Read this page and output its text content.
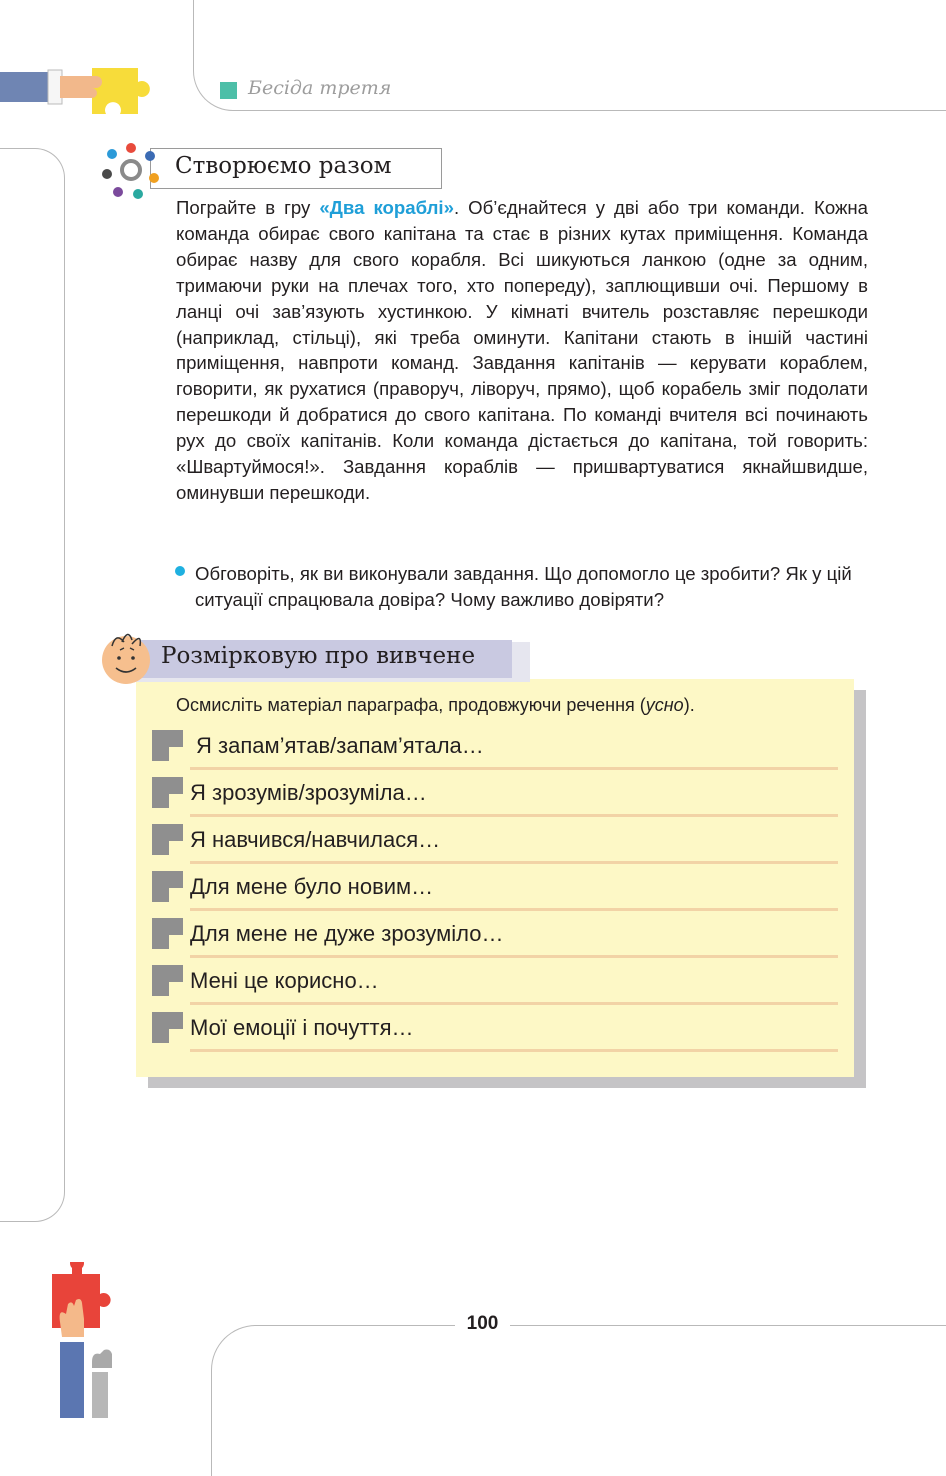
Бесіда третя
Створюємо разом
Пограйте в гру «Два кораблі». Об’єднайтеся у дві або три команди. Кожна команда обирає свого капітана та стає в різних кутах приміщення. Команда обирає назву для свого корабля. Всі шикуються ланкою (одне за одним, тримаючи руки на плечах того, хто попереду), заплющивши очі. Першому в ланці очі зав’язують хустинкою. У кімнаті вчитель розставляє перешкоди (наприклад, стільці), які треба оминути. Капітани стають в іншій частині приміщення, навпроти команд. Завдання капітанів — керувати кораблем, говорити, як рухатися (праворуч, ліворуч, прямо), щоб корабель зміг подолати перешкоди й добратися до свого капітана. По команді вчителя всі починають рух до своїх капітанів. Коли команда дістається до капітана, той говорить: «Швартуймося!». Завдання кораблів — пришвартуватися якнайшвидше, оминувши перешкоди.
Обговоріть, як ви виконували завдання. Що допомогло це зробити? Як у цій ситуації спрацювала довіра? Чому важливо довіряти?
Розмірковую про вивчене
Осмисліть матеріал параграфа, продовжуючи речення (усно).
Я запам’ятав/запам’ятала…
Я зрозумів/зрозуміла…
Я навчився/навчилася…
Для мене було новим…
Для мене не дуже зрозуміло…
Мені це корисно…
Мої емоції і почуття…
100
